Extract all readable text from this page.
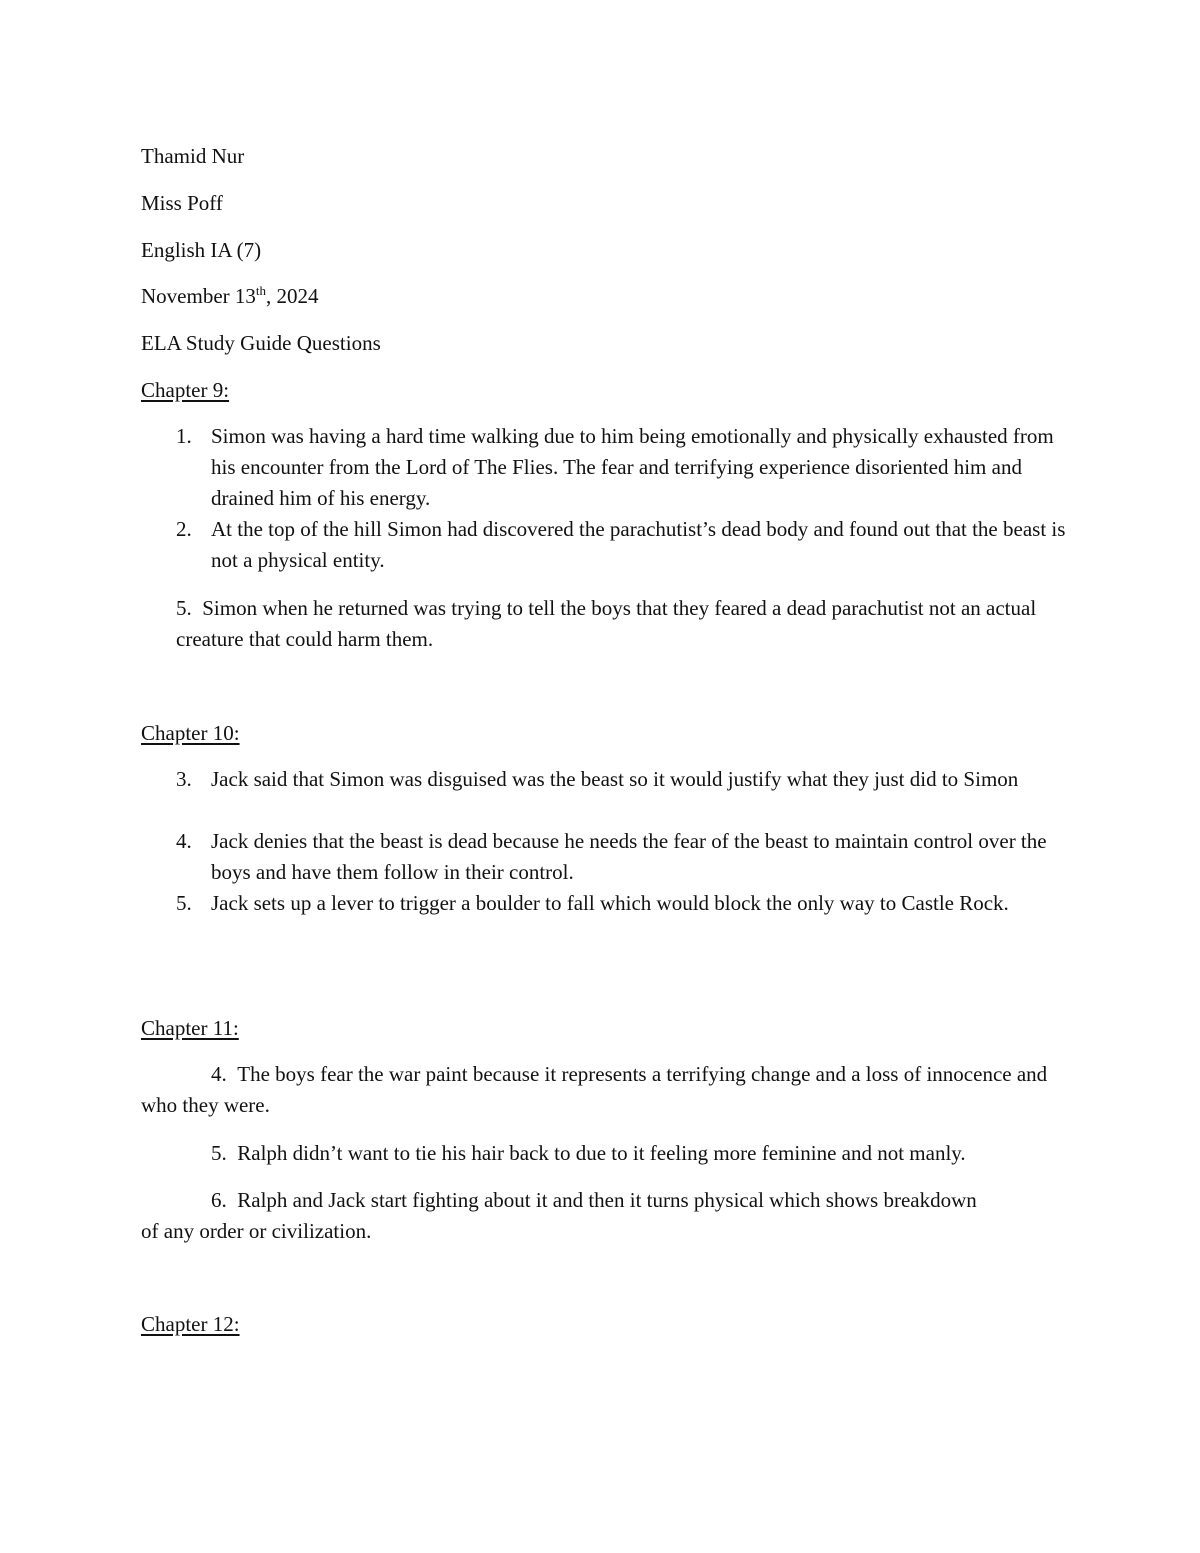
Thamid Nur
Miss Poff
English IA (7)
November 13th, 2024
ELA Study Guide Questions
Chapter 9:
1. Simon was having a hard time walking due to him being emotionally and physically exhausted from his encounter from the Lord of The Flies. The fear and terrifying experience disoriented him and drained him of his energy.
2. At the top of the hill Simon had discovered the parachutist’s dead body and found out that the beast is not a physical entity.
5. Simon when he returned was trying to tell the boys that they feared a dead parachutist not an actual creature that could harm them.
Chapter 10:
3. Jack said that Simon was disguised was the beast so it would justify what they just did to Simon
4. Jack denies that the beast is dead because he needs the fear of the beast to maintain control over the boys and have them follow in their control.
5. Jack sets up a lever to trigger a boulder to fall which would block the only way to Castle Rock.
Chapter 11:
4. The boys fear the war paint because it represents a terrifying change and a loss of innocence and who they were.
5. Ralph didn’t want to tie his hair back to due to it feeling more feminine and not manly.
6. Ralph and Jack start fighting about it and then it turns physical which shows breakdown of any order or civilization.
Chapter 12:
